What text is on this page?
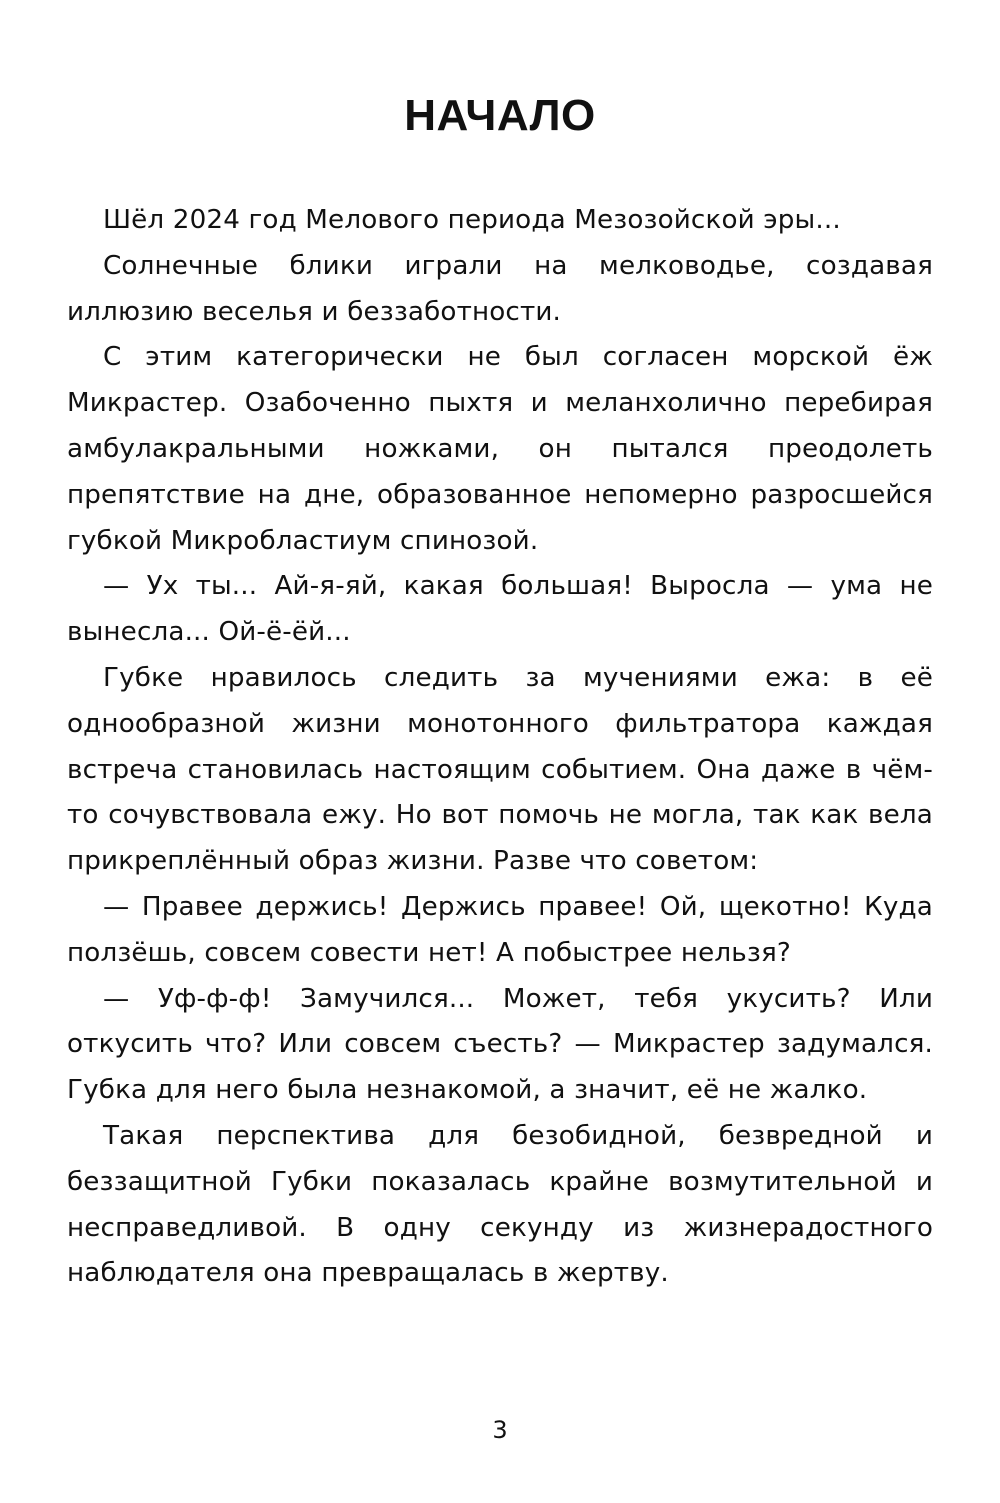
НАЧАЛО

Шёл 2024 год Мелового периода Мезозойской эры...

Солнечные блики играли на мелководье, создавая иллюзию веселья и беззаботности.

С этим категорически не был согласен морской ёж Микрастер. Озабоченно пыхтя и меланхолично перебирая амбулакральными ножками, он пытался преодолеть препятствие на дне, образованное непомерно разросшейся губкой Микробластиум спинозой.

— Ух ты... Ай-я-яй, какая большая! Выросла — ума не вынесла... Ой-ё-ёй...

Губке нравилось следить за мучениями ежа: в её однообразной жизни монотонного фильтратора каждая встреча становилась настоящим событием. Она даже в чём-то сочувствовала ежу. Но вот помочь не могла, так как вела прикреплённый образ жизни. Разве что советом:

— Правее держись! Держись правее! Ой, щекотно! Куда ползёшь, совсем совести нет! А побыстрее нельзя?

— Уф-ф-ф! Замучился... Может, тебя укусить? Или откусить что? Или совсем съесть? — Микрастер задумался. Губка для него была незнакомой, а значит, её не жалко.

Такая перспектива для безобидной, безвредной и беззащитной Губки показалась крайне возмутительной и несправедливой. В одну секунду из жизнерадостного наблюдателя она превращалась в жертву.

3
